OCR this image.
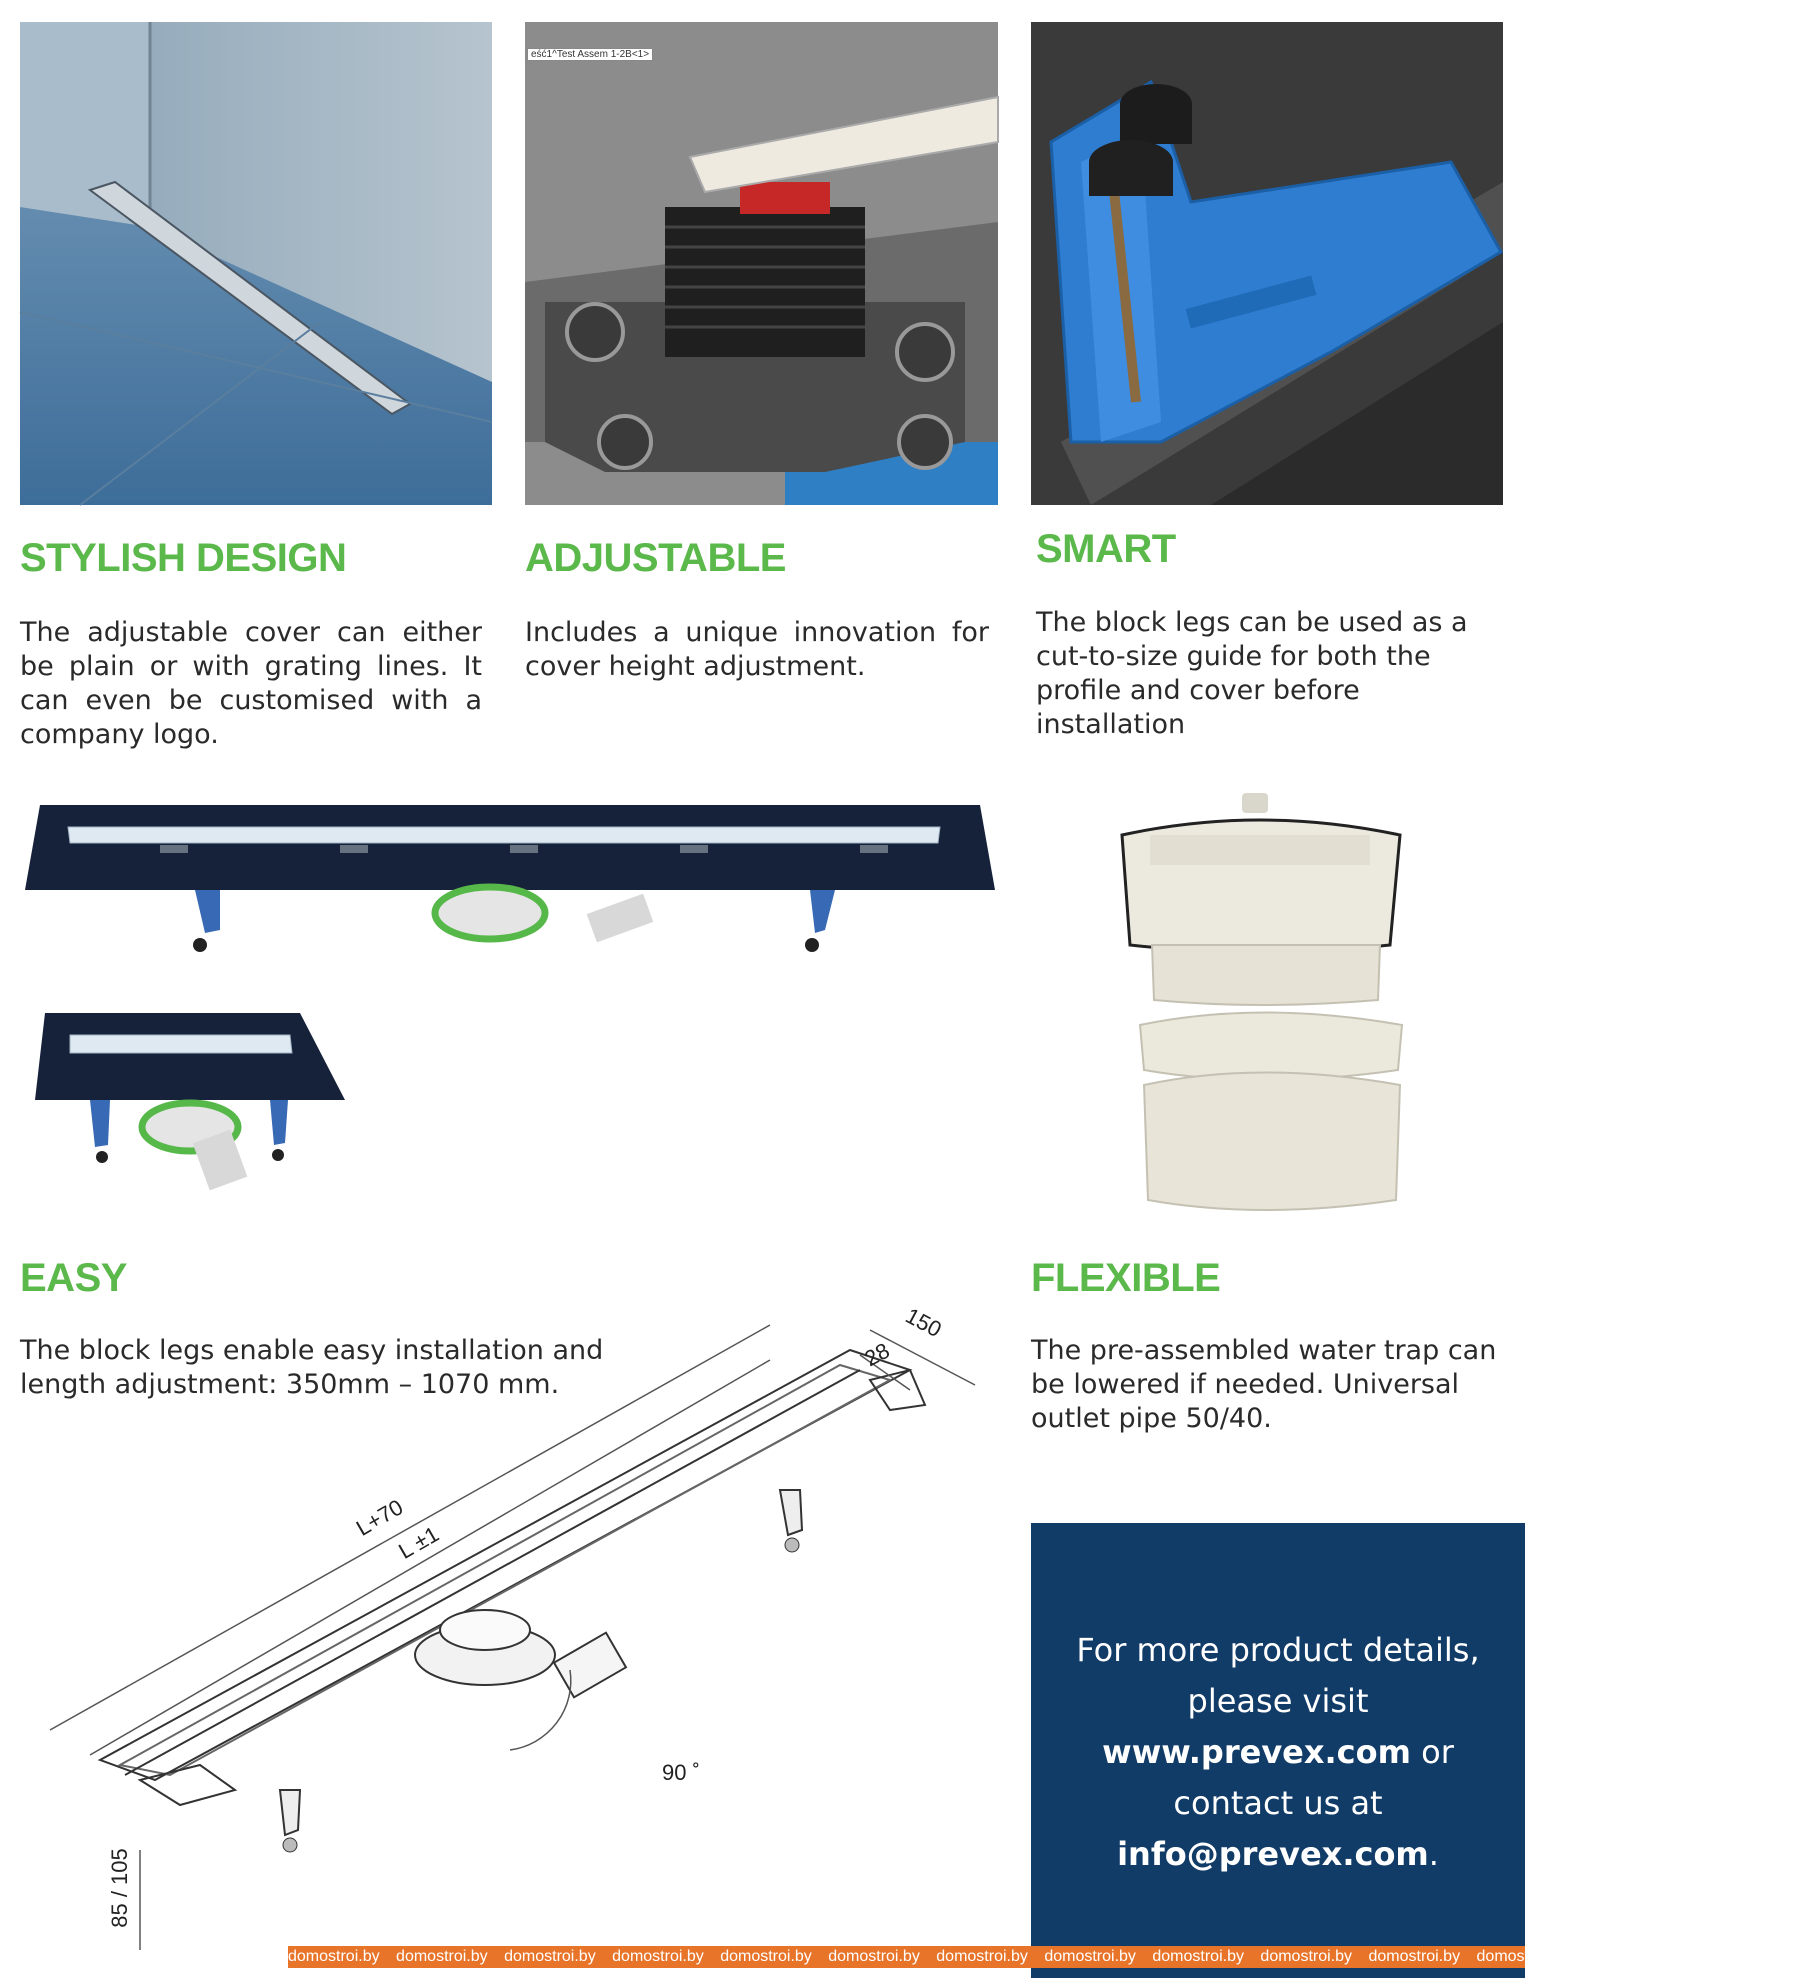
eść1^Test Assem 1-2B<1>
STYLISH DESIGN

The adjustable cover can either be plain or with grating lines. It can even be customised with a company logo.

ADJUSTABLE

Includes a unique innovation for cover height adjustment.

SMART

The block legs can be used as a cut-to-size guide for both the profile and cover before installation

EASY

The block legs enable easy installation and length adjustment: 350mm – 1070 mm.

FLEXIBLE

The pre-assembled water trap can be lowered if needed. Universal outlet pipe 50/40.

150
28
L+70
L ±1
85 / 105
90 ˚
For more product details,
please visit
www.prevex.com or
contact us at
info@prevex.com.
domostroi.by domostroi.by domostroi.by domostroi.by domostroi.by domostroi.by domostroi.by domostroi.by domostroi.by domostroi.by domostroi.by domostroi.by domostroi.by domostroi.by
